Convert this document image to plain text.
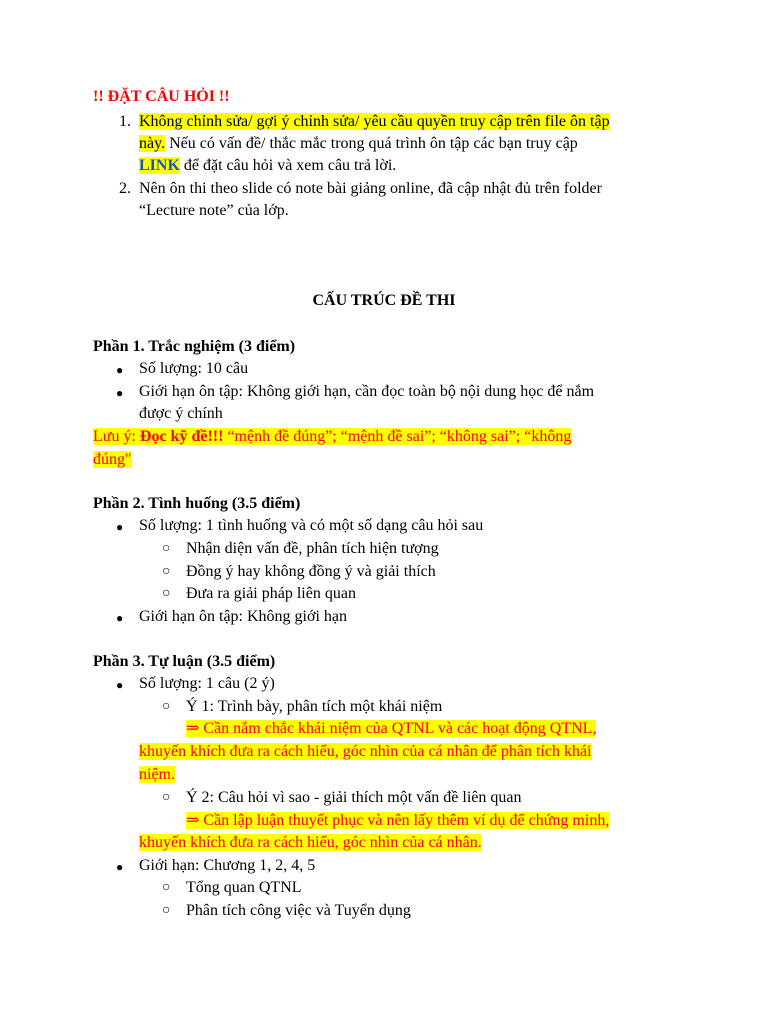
!! ĐẶT CÂU HỎI !!
1. Không chỉnh sửa/ gợi ý chỉnh sửa/ yêu cầu quyền truy cập trên file ôn tập
này. Nếu có vấn đề/ thắc mắc trong quá trình ôn tập các bạn truy cập
LINK để đặt câu hỏi và xem câu trả lời.
2. Nên ôn thi theo slide có note bài giảng online, đã cập nhật đủ trên folder
“Lecture note” của lớp.
CẤU TRÚC ĐỀ THI
Phần 1. Trắc nghiệm (3 điểm)
● Số lượng: 10 câu
● Giới hạn ôn tập: Không giới hạn, cần đọc toàn bộ nội dung học để nắm
được ý chính
Lưu ý: Đọc kỹ đề!!! “mệnh đề đúng”; “mệnh đề sai”; “không sai”; “không
đúng"
Phần 2. Tình huống (3.5 điểm)
● Số lượng: 1 tình huống và có một số dạng câu hỏi sau
○ Nhận diện vấn đề, phân tích hiện tượng
○ Đồng ý hay không đồng ý và giải thích
○ Đưa ra giải pháp liên quan
● Giới hạn ôn tập: Không giới hạn
Phần 3. Tự luận (3.5 điểm)
● Số lượng: 1 câu (2 ý)
○ Ý 1: Trình bày, phân tích một khái niệm
⇒ Cần nắm chắc khái niệm của QTNL và các hoạt động QTNL,
khuyến khích đưa ra cách hiểu, góc nhìn của cá nhân để phân tích khái
niệm.
○ Ý 2: Câu hỏi vì sao - giải thích một vấn đề liên quan
⇒ Cần lập luận thuyết phục và nên lấy thêm ví dụ để chứng minh,
khuyến khích đưa ra cách hiểu, góc nhìn của cá nhân.
● Giới hạn: Chương 1, 2, 4, 5
○ Tổng quan QTNL
○ Phân tích công việc và Tuyển dụng
